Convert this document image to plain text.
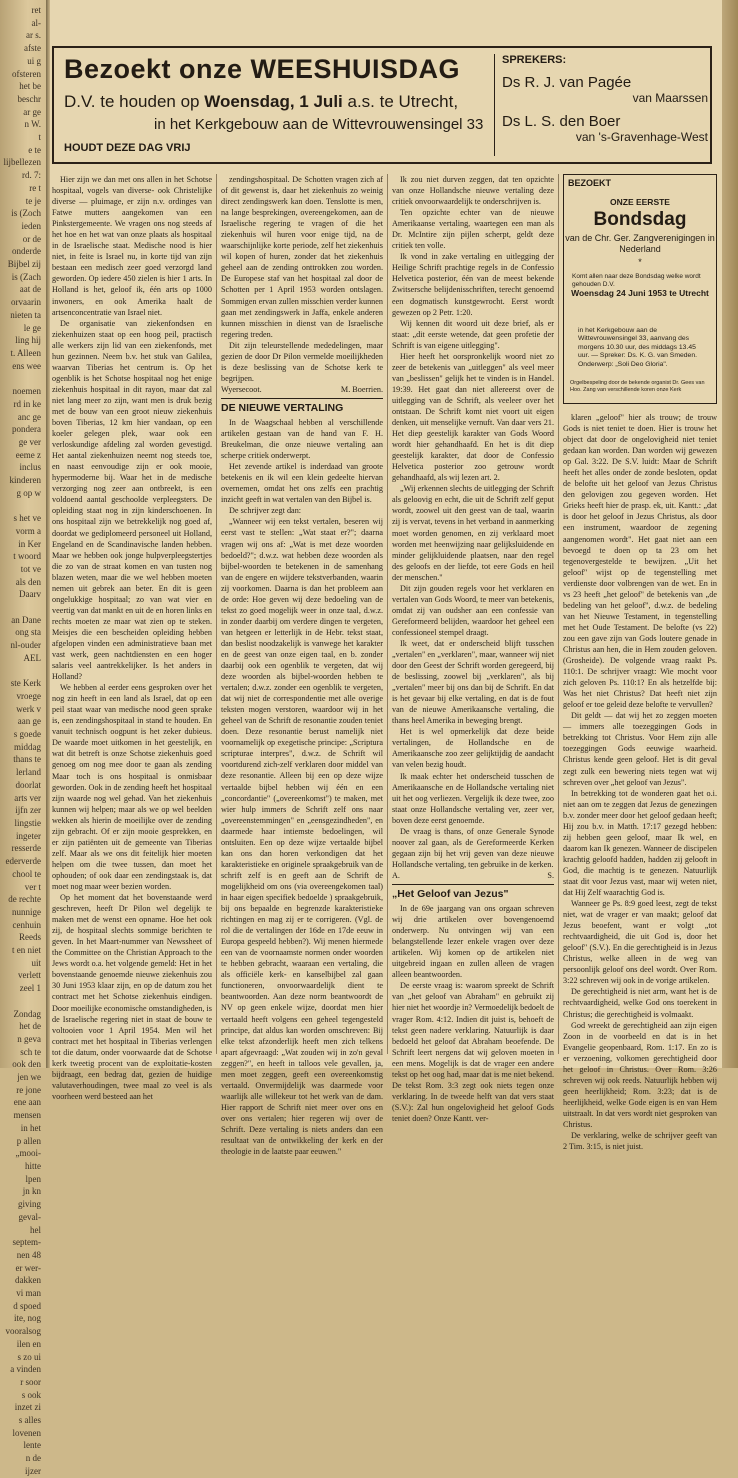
ret
al-
ar s.
afste
ui g
ofsteren
het be
beschr
ar ge
n W.
t
e te
lijbellezen
rd. 7:
re t
te je
is (Zoch
ieden
or de
onderde
Bijbel zij
is (Zach
aat de
orvaarin
nieten ta
le ge
ling hij
t. Alleen
ens wee

noemen
rd in ke
anc ge
pondera
ge ver
eeme z
inclus
kinderen
g op w

s het ve
vorm a
in Ker
t woord
tot ve
als den
Daarv

an Dane
ong sta
nl-ouder
AEL

ste Kerk
vroege
werk v
aan ge
s goede
middag
thans te
lerland
doorlat
arts ver
ijfn zer
lingstie
ingeter
resserde
ederverde
chool te
ver t
de rechte
nunnige
cenhuin
Reeds
t en niet
uit
verlett
zeel 1

Zondag
het de
n geva
sch te
ook den
jen we
re jone
ene aan
mensen
in het
p allen
„mooi-
hitte
lpen
jn kn
giving
geval-
hel
septem-
nen 48
er wer-
dakken
vi man
d spoed
ite, nog
vooralsog
ilen en
s zo ui
a vinden
r soor
s ook
inzet zi
s alles
lovenen
lente
n de
ijzer
Bezoekt onze WEESHUISDAG
D.V. te houden op Woensdag, 1 Juli a.s. te Utrecht,
in het Kerkgebouw aan de Wittevrouwensingel 33
HOUDT DEZE DAG VRIJ
SPREKERS:
Ds R. J. van Pagée
van Maarssen
Ds L. S. den Boer
van 's-Gravenhage-West

Hier zijn we dan met ons allen in het Schotse hospitaal, vogels van diverse- ook Christelijke diverse — pluimage, er zijn n.v. ordinges van Fatwe mutters aangekomen van een Pinkstergemeente. We vragen ons nog steeds af het hoe en het wat van onze plaats als hospitaal in de Israelische staat. Medische nood is hier niet, in feite is Israel nu, in korte tijd van zijn bestaan een medisch zeer goed verzorgd land geworden. Op iedere 450 zielen is hier 1 arts. In Holland is het, geloof ik, één arts op 1000 inwoners, en ook Amerika haalt de artsenconcentratie van Israel niet.

De organisatie van ziekenfondsen en ziekenhuizen staat op een hoog peil, practisch alle werkers zijn lid van een ziekenfonds, met hun gezinnen. Neem b.v. het stuk van Galilea, waarvan Tiberias het centrum is. Op het ogenblik is het Schotse hospitaal nog het enige ziekenhuis hospitaal in dit rayon, maar dat zal niet lang meer zo zijn, want men is druk bezig met de bouw van een groot nieuw ziekenhuis boven Tiberias, 12 km hier vandaan, op een koeler gelegen plek, waar ook een verloskundige afdeling zal worden gevestigd. Het aantal ziekenhuizen neemt nog steeds toe, en naast eenvoudige zijn er ook mooie, hypermoderne bij. Waar het in de medische verzorging nog zeer aan ontbreekt, is een voldoend aantal geschoolde verpleegsters. De opleiding staat nog in zijn kinderschoenen. In ons hospitaal zijn we betrekkelijk nog goed af, doordat we gediplomeerd personeel uit Holland, Engeland en de Scandinavische landen hebben. Maar we hebben ook jonge hulpverpleegstertjes die zo van de straat komen en van tusten nog blazen weten, maar die we wel hebben moeten nemen uit gebrek aan beter. En dit is geen ongelukkige hospitaal; zo van wat vier en veertig van dat mankt en uit de en horen links en rechts moeten ze maar wat zien op te steken. Meisjes die een bescheiden opleiding hebben afgelopen vinden een administratieve baan met vast werk, geen nachtdiensten en een hoger salaris veel aantrekkelijker. Is het anders in Holland?

We hebben al eerder eens gesproken over het nog zin heeft in een land als Israel, dat op een peil staat waar van medische nood geen sprake is, een zendingshospitaal in stand te houden. En vanuit technisch oogpunt is het zeker dubieus. De waarde moet uitkomen in het geestelijk, en wat dit betreft is onze Schotse ziekenhuis goed genoeg om nog mee door te gaan als zending Maar toch is ons hospitaal is onmisbaar geworden. Ook in de zending heeft het hospitaal zijn waarde nog wel gehad. Van het ziekenhuis kunnen wij helpen; maar als we op wel beelden wekken als hierin de moeilijke over de zending zijn gebracht. Of er zijn mooie gesprekken, en er zijn patiënten uit de gemeente van Tiberias zelf. Maar als we ons dit feitelijk hier moeten helpen om die twee tussen, dan moet het ophouden; of ook daar een zendingstaak is, dat moet nog maar weer bezien worden.

Op het moment dat het bovenstaande werd geschreven, heeft Dr Pilon wel degelijk te maken met de wenst een opname. Hoe het ook zij, de hospitaal slechts sommige berichten te geven. In het Maart-nummer van Newssheet of the Committee on the Christian Approach to the Jews wordt o.a. het volgende gemeld: Het in het bovenstaande genoemde nieuwe ziekenhuis zou 30 Juni 1953 klaar zijn, en op de datum zou het contract met het Schotse ziekenhuis eindigen. Door moeilijke economische omstandigheden, is de Israelische regering niet in staat de bouw te voltooien voor 1 April 1954. Men wil het contract met het hospitaal in Tiberias verlengen tot die datum, onder voorwaarde dat de Schotse kerk tweetig procent van de exploitatie-kosten bijdraagt, een bedrag dat, gezien de huidige valutaverhoudingen, twee maal zo veel is als voorheen werd besteed aan het

zendingshospitaal. De Schotten vragen zich af of dit gewenst is, daar het ziekenhuis zo weinig direct zendingswerk kan doen. Tenslotte is men, na lange besprekingen, overeengekomen, aan de Israelische regering te vragen of die het ziekenhuis wil huren voor enige tijd, na de waarschijnlijke korte periode, zelf het ziekenhuis wil kopen of huren, zonder dat het ziekenhuis geheel aan de zending onttrokken zou worden. De Europese staf van het hospitaal zal door de Schotten per 1 April 1953 worden ontslagen. Sommigen ervan zullen misschien verder kunnen gaan met zendingswerk in Jaffa, enkele anderen kunnen misschien in dienst van de Israelische regering treden.

Dit zijn teleurstellende mededelingen, maar gezien de door Dr Pilon vermelde moeilijkheden is deze beslissing van de Schotse kerk te begrijpen.

Wyersecoot.	M. Boerrien.
DE NIEUWE VERTALING

In de Waagschaal hebben al verschillende artikelen gestaan van de hand van F. H. Breukelman, die onze nieuwe vertaling aan scherpe critiek onderwerpt.

Het zevende artikel is inderdaad van groote betekenis en ik wil een klein gedeelte hiervan overnemen, omdat het ons zelfs een prachtig inzicht geeft in wat vertalen van den Bijbel is.

De schrijver zegt dan:

„Wanneer wij een tekst vertalen, beseren wij eerst vast te stellen: „Wat staat er?"; daarna vragen wij ons af: „Wat is met deze woorden bedoeld?"; d.w.z. wat hebben deze woorden als bijbel-woorden te betekenen in de samenhang van de engere en wijdere tekstverbanden, waarin zij voorkomen. Daarna is dan het probleem aan de orde: Hoe geven wij deze bedoeling van de tekst zo goed mogelijk weer in onze taal, d.w.z. in zonder daarbij om verdere dingen te vergeten, van hetgeen er letterlijk in de Hebr. tekst staat, dan beslist noodzakelijk is vanwege het karakter en de geest van onze eigen taal, en b. zonder daarbij ook een ogenblik te vergeten, dat wij deze woorden als bijbel-woorden hebben te vertalen; d.w.z. zonder een ogenblik te vergeten, dat wij niet de correspondentie met alle overige teksten mogen verstoren, waardoor wij in het geheel van de Schrift de resonantie zouden teniet doen. Deze resonantie berust namelijk niet voornamelijk op exegetische principe: „Scriptura scripturae interpres", d.w.z. de Schrift wil voortdurend zich-zelf verklaren door middel van deze resonantie. Alleen bij een op deze wijze vertaalde bijbel hebben wij één en een „concordantie" („overeenkomst") te maken, met wier hulp immers de Schrift zelf ons naar „overeenstemmingen" en „eensgezindheden", en daarmede haar intiemste bedoelingen, wil ontsluiten. Een op deze wijze vertaalde bijbel kan ons dan horen verkondigen dat het karakteristieke en originele spraakgebruik van de schrift zelf is en geeft aan de Schrift de mogelijkheid om ons (via overeengekomen taal) in haar eigen specifiek bedoelde ) spraakgebruik, bij ons bepaalde en begrenzde karakteristieke richtingen en mag zij er te corrigeren. (Vgl. de rol die de vertalingen der 16de en 17de eeuw in Europa gespeeld hebben?). Wij menen hiermede een van de voornaamste normen onder woorden te hebben gebracht, waaraan een vertaling, die als officiële kerk- en kanselbijbel zal gaan functioneren, onvoorwaardelijk dient te beantwoorden. Aan deze norm beantwoordt de NV op geen enkele wijze, doordat men hier vertaald heeft volgens een geheel tegengesteld principe, dat aldus kan worden omschreven: Bij elke tekst afzonderlijk heeft men zich telkens apart afgevraagd: „Wat zouden wij in zo'n geval zeggen?", en heeft in talloos vele gevallen, ja, men moet zeggen, geeft een overeenkomstig vertaald. Onvermijdelijk was daarmede voor waarlijk alle willekeur tot het werk van de dam. Hier rapport de Schrift niet meer over ons en over ons vertalen; hier regeren wij over de Schrift. Deze vertaling is niets anders dan een resultaat van de ontwikkeling der kerk en der theologie in de laatste paar eeuwen."

Ik zou niet durven zeggen, dat ten opzichte van onze Hollandsche nieuwe vertaling deze critiek onvoorwaardelijk te onderschrijven is.

Ten opzichte echter van de nieuwe Amerikaanse vertaling, waartegen een man als Dr. McIntire zijn pijlen scherpt, geldt deze critiek ten volle.

Ik vond in zake vertaling en uitlegging der Heilige Schrift prachtige regels in de Confessio Helvetica posterior, één van de meest bekende Zwitsersche belijdenisschriften, terecht genoemd een dogmatisch kunstgewrocht. Eerst wordt gewezen op 2 Petr. 1:20.

Wij kennen dit woord uit deze brief, als er staat: „dit eerste wetende, dat geen profetie der Schrift is van eigene uitlegging".

Hier heeft het oorspronkelijk woord niet zo zeer de betekenis van „uitleggen" als veel meer van „beslissen" gelijk het te vinden is in Handel. 19:39. Het gaat dan niet allereerst over de uitlegging van de Schrift, als veeleer over het ontstaan. De Schrift komt niet voort uit eigen denken, uit menselijke vernuft. Van daar vers 21. Het diep geestelijk karakter van Gods Woord wordt hier gehandhaafd. En het is dit diep geestelijk karakter, dat door de Confessio Helvetica posterior zoo getrouw wordt gehandhaafd, als wij lezen art. 2.

„Wij erkennen slechts de uitlegging der Schrift als geloovig en echt, die uit de Schrift zelf geput wordt, zoowel uit den geest van de taal, waarin zij is vervat, tevens in het verband in aanmerking moet worden genomen, en zij verklaard moet worden met heenwijzing naar gelijksluidende en minder gelijkluidende plaatsen, naar den regel des geloofs en der liefde, tot eere Gods en heil der menschen."

Dit zijn gouden regels voor het verklaren en vertalen van Gods Woord, te meer van betekenis, omdat zij van oudsher aan een confessie van Gereformeerd belijden, waardoor het geheel een confessioneel stempel draagt.

Ik weet, dat er onderscheid blijft tusschen „vertalen" en „verklaren", maar, wanneer wij niet door den Geest der Schrift worden geregeerd, bij de beslissing, zoowel bij „verklaren", als bij „vertalen" meer bij ons dan bij de Schrift. En dat is het gevaar bij elke vertaling, en dat is de fout van de nieuwe Amerikaansche vertaling, die thans heel Amerika in beweging brengt.

Het is wel opmerkelijk dat deze beide vertalingen, de Hollandsche en de Amerikaansche zoo zeer gelijktijdig de aandacht van velen bezig houdt.

Ik maak echter het onderscheid tusschen de Amerikaansche en de Hollandsche vertaling niet uit het oog verliezen. Vergelijk ik deze twee, zoo staat onze Hollandsche vertaling ver, zeer ver, boven deze eerst genoemde.

De vraag is thans, of onze Generale Synode noover zal gaan, als de Gereformeerde Kerken gegaan zijn bij het vrij geven van deze nieuwe Hollandsche vertaling, ten gebruike in de kerken.

A.	S.
„Het Geloof van Jezus"

In de 69e jaargang van ons orgaan schreven wij drie artikelen over bovengenoemd onderwerp. Nu ontvingen wij van een belangstellende lezer enkele vragen over deze artikelen. Wij komen op de artikelen niet uitgebreid ingaan en zullen alleen de vragen alleen beantwoorden.

De eerste vraag is: waarom spreekt de Schrift van „het geloof van Abraham" en gebruikt zij hier niet het woordje in? Vermoedelijk bedoelt de vrager Rom. 4:12. Indien dit juist is, behoeft de tekst geen nadere verklaring. Natuurlijk is daar bedoeld het geloof dat Abraham beoefende. De Schrift leert nergens dat wij geloven moeten in een mens. Mogelijk is dat de vrager een andere tekst op het oog had, maar dat is me niet bekend. De tekst Rom. 3:3 zegt ook niets tegen onze verklaring. In de tweede helft van dat vers staat (S.V.): Zal hun ongelovigheid het geloof Gods teniet doen? Onze Kantt. ver-

BEZOEKT
ONZE EERSTE
Bondsdag
van de Chr. Ger. Zangverenigingen in Nederland
*
Komt allen naar deze Bondsdag welke wordt gehouden D.V.
Woensdag 24 Juni 1953 te Utrecht
in het Kerkgebouw aan de Wittevrouwensingel 33, aanvang des morgens 10.30 uur, des middags 13.45 uur. — Spreker: Ds. K. G. van Smeden. Onderwerp: „Soli Deo Gloria".
Orgelbespeling door de bekende organist Dr. Gees van Hoo. Zang van verschillende koren onze Kerk

klaren „geloof" hier als trouw; de trouw Gods is niet teniet te doen. Hier is trouw het object dat door de ongelovigheid niet teniet gedaan kan worden. Dan worden wij gewezen op Gal. 3:22. De S.V. luidt: Maar de Schrift heeft het alles onder de zonde besloten, opdat de belofte uit het geloof van Jezus Christus den gelovigen zou gegeven worden. Het Grieks heeft hier de prasp. ek, uit. Kantt.: „dat is door het geloof in Jezus Christus, als door een instrument, waardoor de zegening aangenomen wordt". Het gaat niet aan een bevoegd te doen op ta 23 om het tegenovergestelde te bewijzen. „Uit het geloof" wijst op de tegenstelling met verdienste door volbrengen van de wet. En in vs 23 heeft „het geloof" de betekenis van „de bedeling van het geloof", d.w.z. de bedeling van het Nieuwe Testament, in tegenstelling met het Oude Testament. De belofte (vs 22) zou een gave zijn van Gods loutere genade in Christus aan hen, die in Hem zouden geloven. (Grosheide). De volgende vraag raakt Ps. 110:1. De schrijver vraagt: Wie mocht voor zich geloven Ps. 110:1? En als hetzelfde bij: Was het niet Christus? Dat heeft niet zijn geloof er toe geleid deze belofte te vervullen?

Dit geldt — dat wij het zo zeggen moeten — immers alle toezeggingen Gods in betrekking tot Christus. Voor Hem zijn alle toezeggingen Gods eeuwige waarheid. Christus kende geen geloof. Het is dit geval zegt zulk een bewering niets tegen wat wij schreven over „het geloof van Jezus".

In betrekking tot de wonderen gaat het o.i. niet aan om te zeggen dat Jezus de genezingen b.v. zonder meer door het geloof gedaan heeft; Hij zou b.v. in Matth. 17:17 gezegd hebben: zij hebben geen geloof, maar Ik wel, en daarom kan Ik genezen. Wanneer de discipelen krachtig geloofd hadden, hadden zij gelooft in God, die machtig is te genezen. Natuurlijk staat dit voor Jezus vast, maar wij weten niet, dat Hij Zelf waarachtig God is.

Wanneer ge Ps. 8:9 goed leest, zegt de tekst niet, wat de vrager er van maakt; geloof dat Jezus beoefent, want er volgt „tot rechtvaardigheid, die uit God is, door het geloof" (S.V.). En die gerechtigheid is in Jezus Christus, welke alleen in de weg van persoonlijk geloof ons deel wordt. Over Rom. 3:22 schreven wij ook in de vorige artikelen.

De gerechtigheid is niet arm, want het is de rechtvaardigheid, welke God ons toerekent in Christus; die gerechtigheid is volmaakt.

God wreekt de gerechtigheid aan zijn eigen Zoon in de voorbeeld en dat is in het Evangelie geopenbaard, Rom. 1:17. En zo is er verzoening, volkomen gerechtigheid door het geloof in Christus. Over Rom. 3:26 schreven wij ook reeds. Natuurlijk hebben wij geen heerlijkheid; Rom. 3:23; dat is de heerlijkheid, welke Gode eigen is en van Hem uitstraalt. In dat vers wordt niet gesproken van Christus.

De verklaring, welke de schrijver geeft van 2 Tim. 3:15, is niet juist.
